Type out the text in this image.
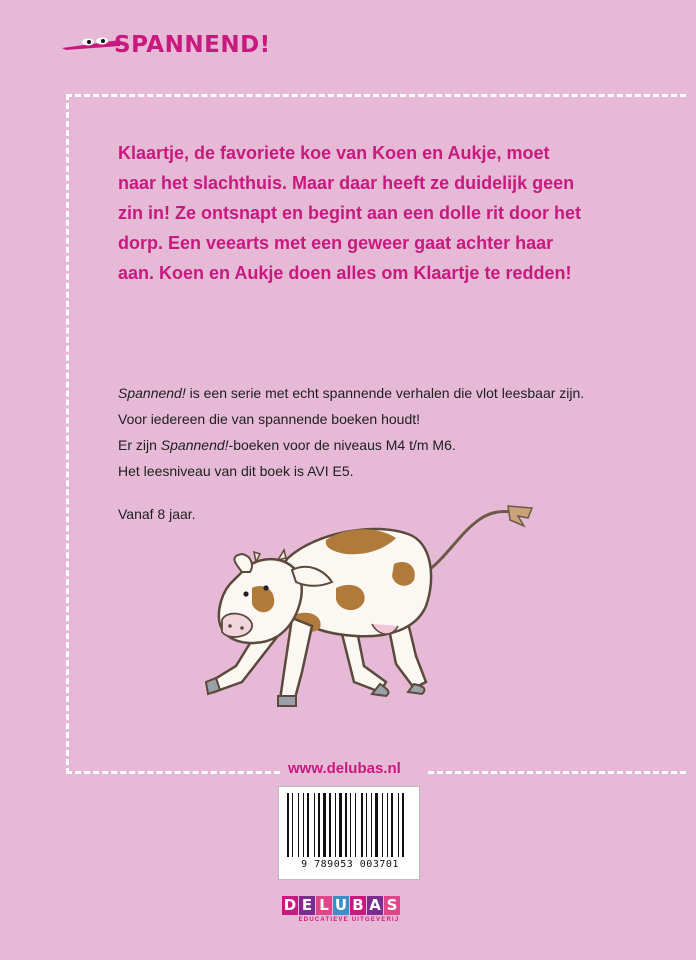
SPANNEND!

Klaartje, de favoriete koe van Koen en Aukje, moet naar het slachthuis. Maar daar heeft ze duidelijk geen zin in! Ze ontsnapt en begint aan een dolle rit door het dorp. Een veearts met een geweer gaat achter haar aan. Koen en Aukje doen alles om Klaartje te redden!

Spannend! is een serie met echt spannende verhalen die vlot leesbaar zijn. Voor iedereen die van spannende boeken houdt!
Er zijn Spannend!-boeken voor de niveaus M4 t/m M6.
Het leesniveau van dit boek is AVI E5.

Vanaf 8 jaar.

www.delubas.nl
9 789053 003701
D E L U B A S
EDUCATIEVE UITGEVERIJ
